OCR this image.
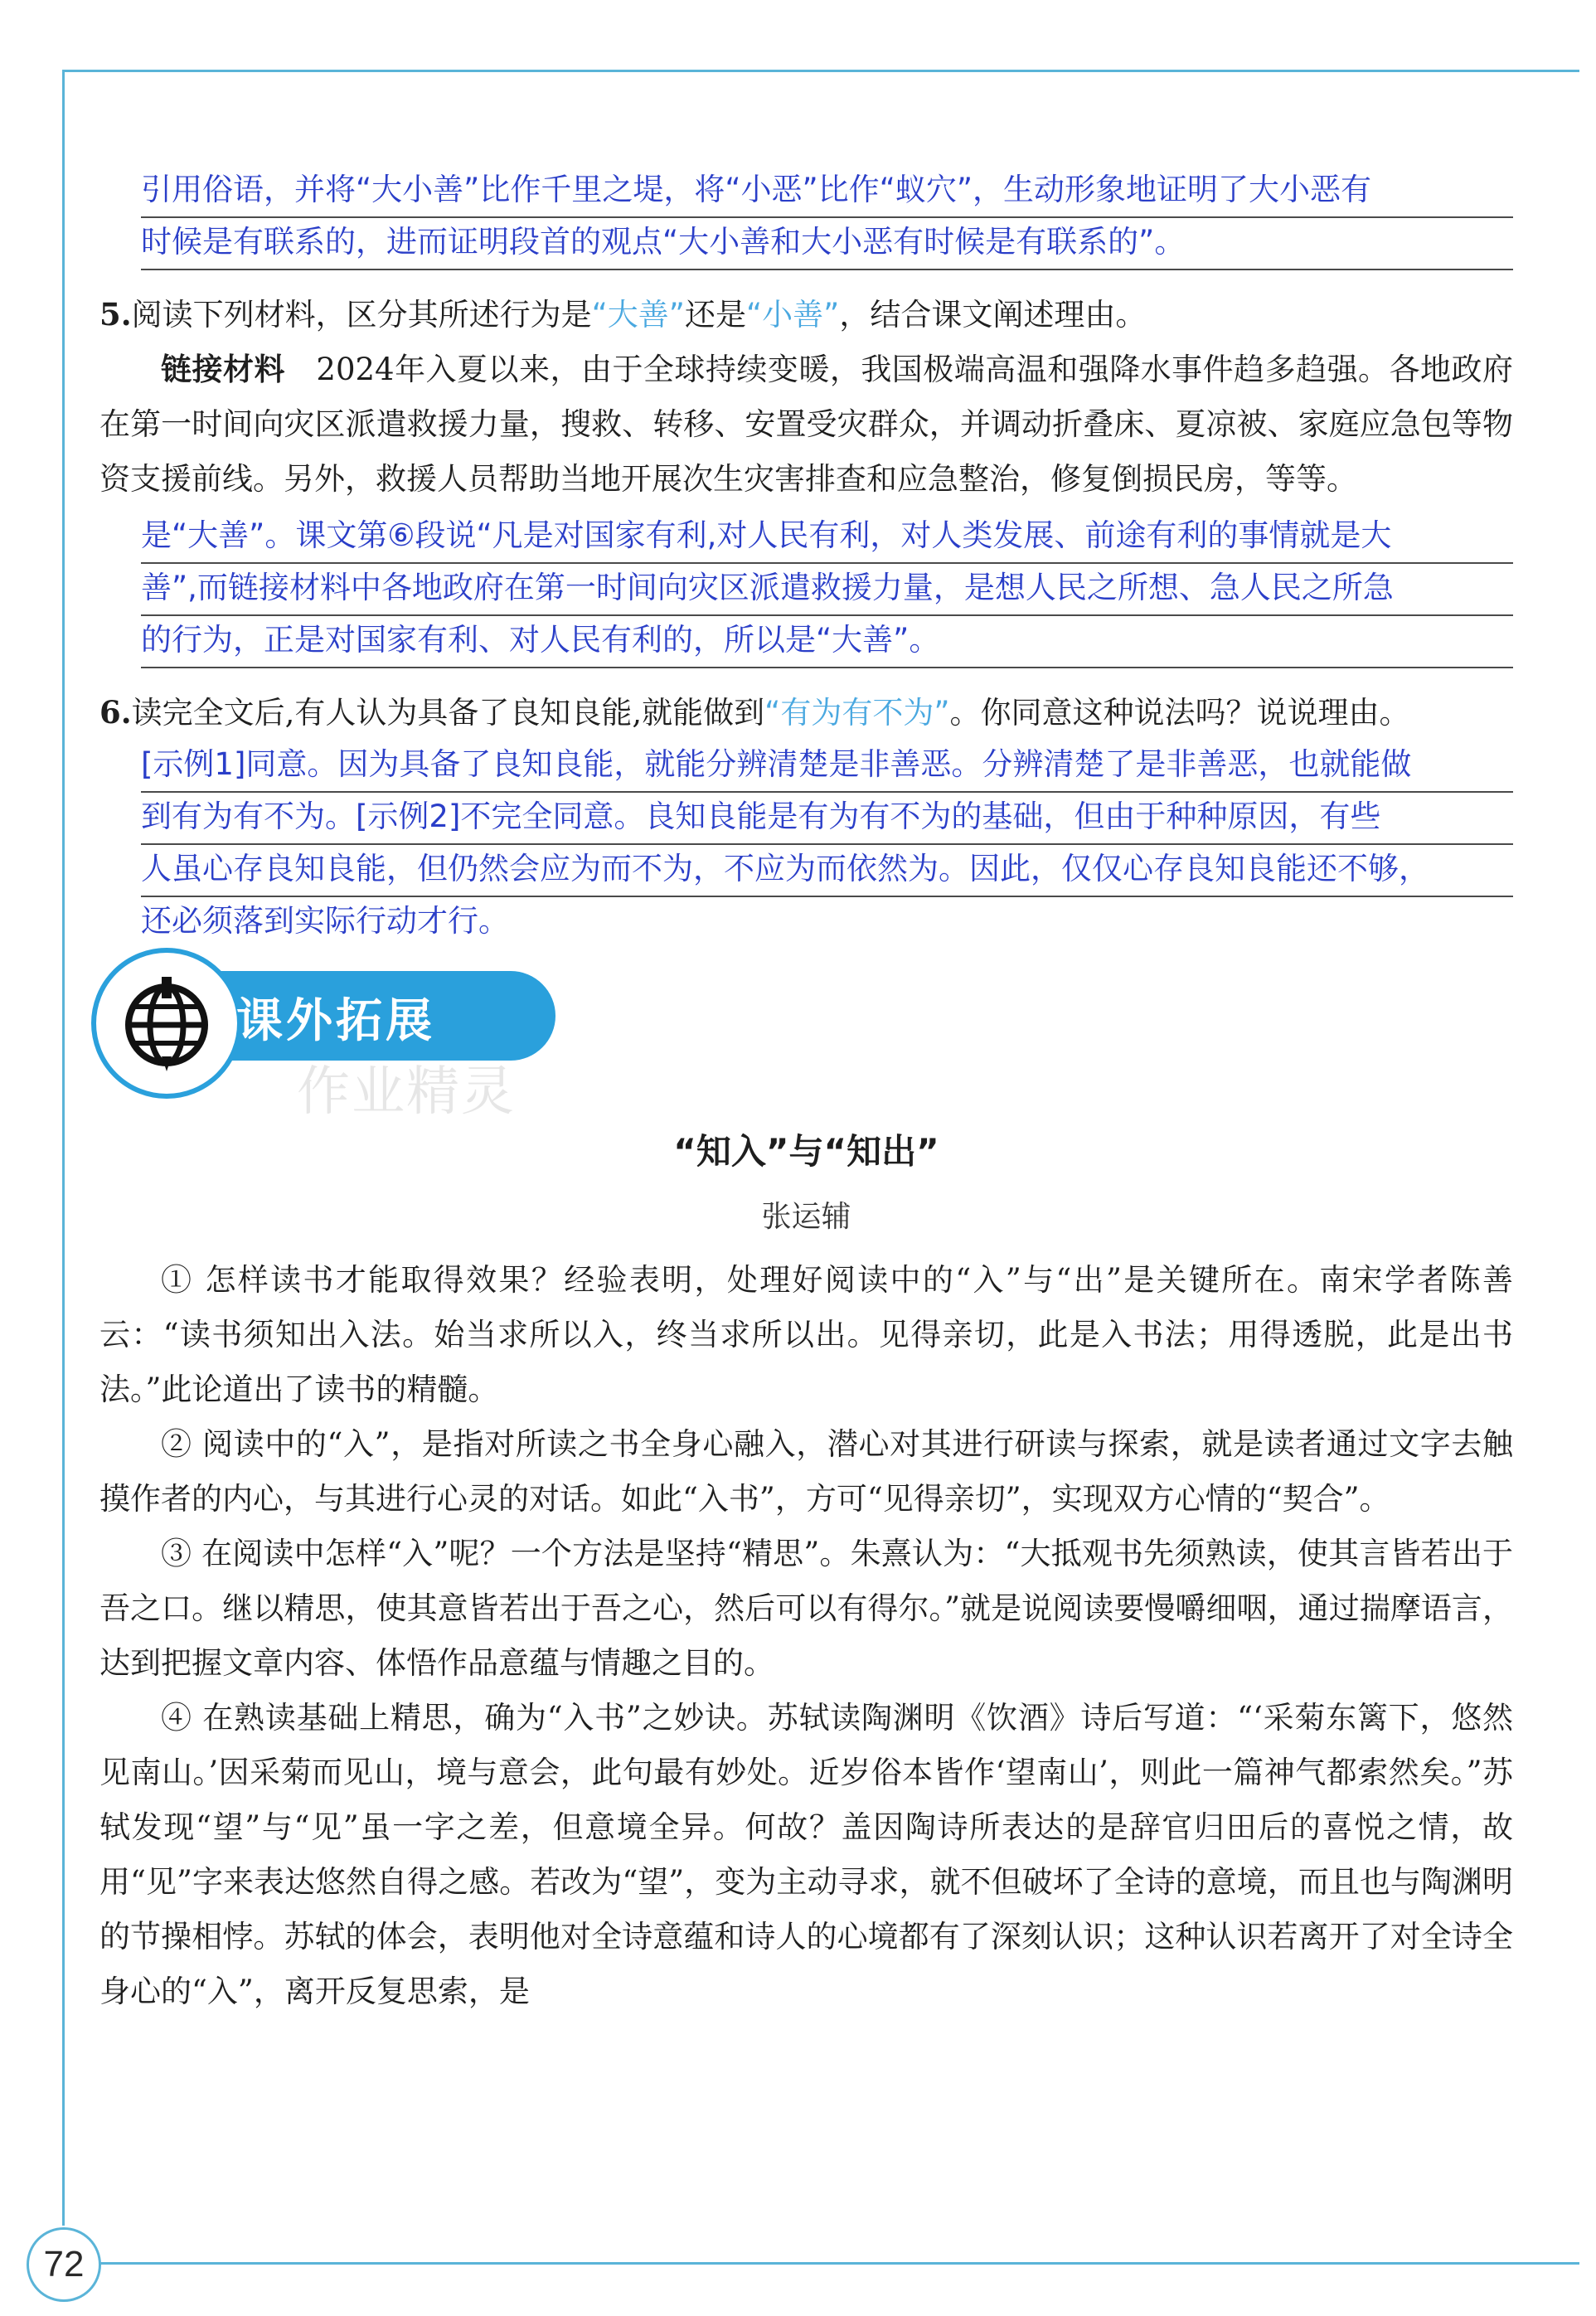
72
引用俗语，并将“大小善”比作千里之堤，将“小恶”比作“蚁穴”，生动形象地证明了大小恶有
时候是有联系的，进而证明段首的观点“大小善和大小恶有时候是有联系的”。
5.阅读下列材料，区分其所述行为是“大善”还是“小善”，结合课文阐述理由。
链接材料　 2024年入夏以来，由于全球持续变暖，我国极端高温和强降水事件趋多趋强。各地政府在第一时间向灾区派遣救援力量，搜救、转移、安置受灾群众，并调动折叠床、夏凉被、家庭应急包等物资支援前线。另外，救援人员帮助当地开展次生灾害排查和应急整治，修复倒损民房，等等。
是“大善”。课文第⑥段说“凡是对国家有利,对人民有利，对人类发展、前途有利的事情就是大
善”,而链接材料中各地政府在第一时间向灾区派遣救援力量，是想人民之所想、急人民之所急
的行为，正是对国家有利、对人民有利的，所以是“大善”。
6.读完全文后,有人认为具备了良知良能,就能做到“有为有不为”。你同意这种说法吗？说说理由。
[示例1]同意。因为具备了良知良能，就能分辨清楚是非善恶。分辨清楚了是非善恶，也就能做
到有为有不为。[示例2]不完全同意。良知良能是有为有不为的基础，但由于种种原因，有些
人虽心存良知良能，但仍然会应为而不为，不应为而依然为。因此，仅仅心存良知良能还不够，
还必须落到实际行动才行。
课外拓展
作业精灵
“知入”与“知出”
张运辅
① 怎样读书才能取得效果？经验表明，处理好阅读中的“入”与“出”是关键所在。南宋学者陈善云：“读书须知出入法。始当求所以入，终当求所以出。见得亲切，此是入书法；用得透脱，此是出书法。”此论道出了读书的精髓。
② 阅读中的“入”，是指对所读之书全身心融入，潜心对其进行研读与探索，就是读者通过文字去触摸作者的内心，与其进行心灵的对话。如此“入书”，方可“见得亲切”，实现双方心情的“契合”。
③ 在阅读中怎样“入”呢？一个方法是坚持“精思”。朱熹认为：“大抵观书先须熟读，使其言皆若出于吾之口。继以精思，使其意皆若出于吾之心，然后可以有得尔。”就是说阅读要慢嚼细咽，通过揣摩语言，达到把握文章内容、体悟作品意蕴与情趣之目的。
④ 在熟读基础上精思，确为“入书”之妙诀。苏轼读陶渊明《饮酒》诗后写道：“‘采菊东篱下，悠然见南山。’因采菊而见山，境与意会，此句最有妙处。近岁俗本皆作‘望南山’，则此一篇神气都索然矣。”苏轼发现“望”与“见”虽一字之差，但意境全异。何故？盖因陶诗所表达的是辞官归田后的喜悦之情，故用“见”字来表达悠然自得之感。若改为“望”，变为主动寻求，就不但破坏了全诗的意境，而且也与陶渊明的节操相悖。苏轼的体会，表明他对全诗意蕴和诗人的心境都有了深刻认识；这种认识若离开了对全诗全身心的“入”，离开反复思索，是
